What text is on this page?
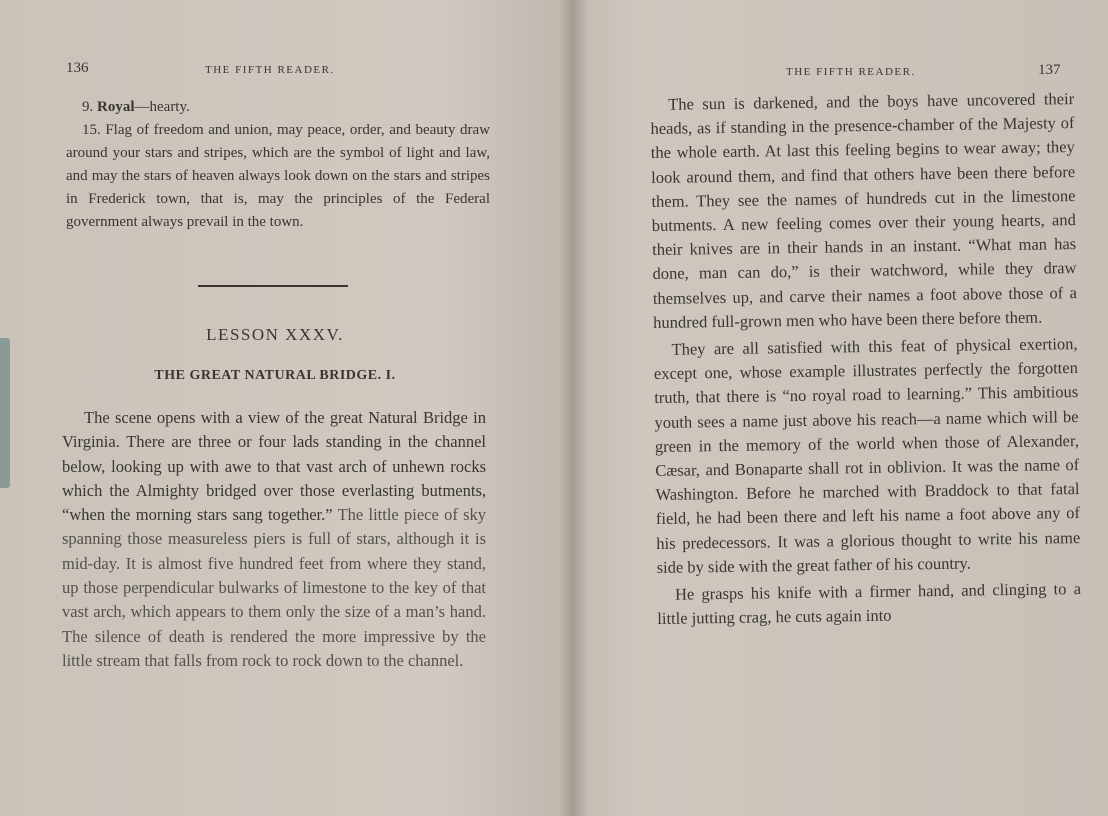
136	THE FIFTH READER.

9. Royal—hearty.

15. Flag of freedom and union, may peace, order, and beauty draw around your stars and stripes, which are the symbol of light and law, and may the stars of heaven always look down on the stars and stripes in Frederick town, that is, may the principles of the Federal government always prevail in the town.

LESSON XXXV.
THE GREAT NATURAL BRIDGE. I.

The scene opens with a view of the great Natural Bridge in Virginia. There are three or four lads standing in the channel below, looking up with awe to that vast arch of unhewn rocks which the Almighty bridged over those everlasting butments, “when the morning stars sang together.” The little piece of sky spanning those measureless piers is full of stars, although it is mid-day. It is almost five hundred feet from where they stand, up those perpendicular bulwarks of limestone to the key of that vast arch, which appears to them only the size of a man’s hand. The silence of death is rendered the more impressive by the little stream that falls from rock to rock down to the channel.

THE FIFTH READER.	137

The sun is darkened, and the boys have uncovered their heads, as if standing in the presence-chamber of the Majesty of the whole earth. At last this feeling begins to wear away; they look around them, and find that others have been there before them. They see the names of hundreds cut in the limestone butments. A new feeling comes over their young hearts, and their knives are in their hands in an instant. “What man has done, man can do,” is their watchword, while they draw themselves up, and carve their names a foot above those of a hundred full-grown men who have been there before them.

They are all satisfied with this feat of physical exertion, except one, whose example illustrates perfectly the forgotten truth, that there is “no royal road to learning.” This ambitious youth sees a name just above his reach—a name which will be green in the memory of the world when those of Alexander, Cæsar, and Bonaparte shall rot in oblivion. It was the name of Washington. Before he marched with Braddock to that fatal field, he had been there and left his name a foot above any of his predecessors. It was a glorious thought to write his name side by side with the great father of his country.

He grasps his knife with a firmer hand, and clinging to a little jutting crag, he cuts again into
